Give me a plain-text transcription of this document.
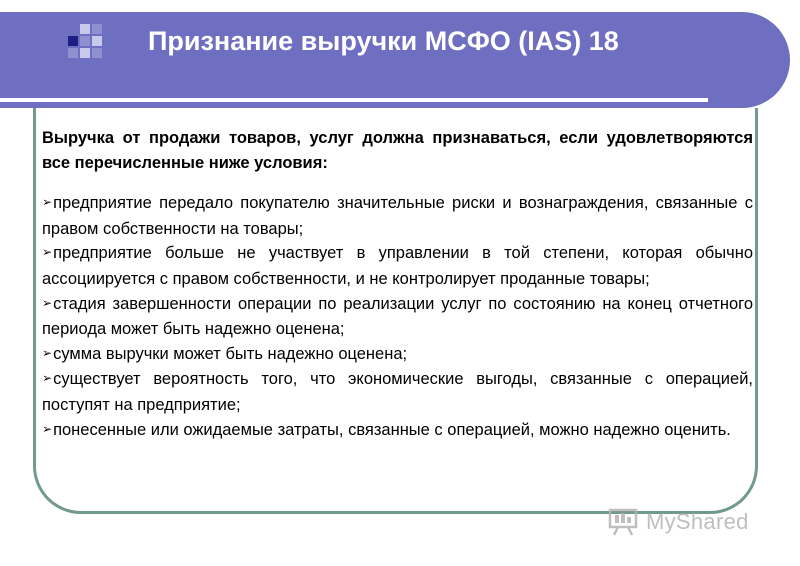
Признание выручки МСФО (IAS) 18

Выручка от продажи товаров, услуг должна признаваться, если удовлетворяются все перечисленные ниже условия:

➢предприятие передало покупателю значительные риски и вознаграждения, связанные с правом собственности на товары;
➢предприятие больше не участвует в управлении в той степени, которая обычно ассоциируется с правом собственности, и не контролирует проданные товары;
➢стадия завершенности операции по реализации услуг по состоянию на конец отчетного периода может быть надежно оценена;
➢сумма выручки может быть надежно оценена;
➢существует вероятность того, что экономические выгоды, связанные с операцией, поступят на предприятие;
➢понесенные или ожидаемые затраты, связанные с операцией, можно надежно оценить.
MyShared
